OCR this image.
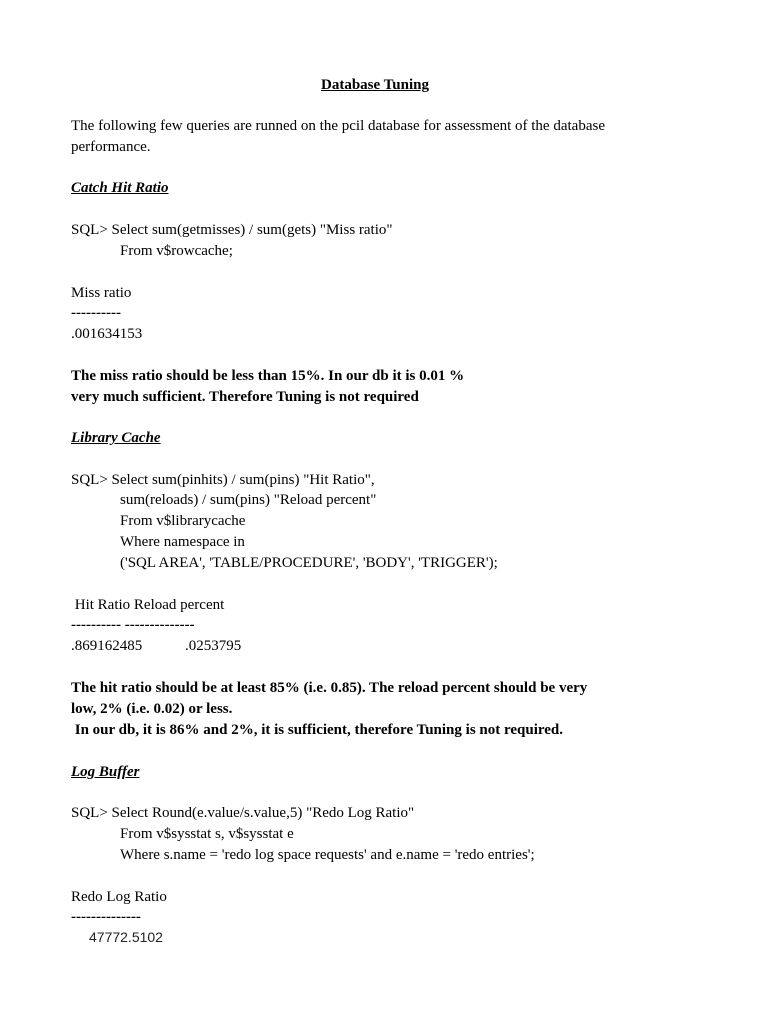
Database Tuning
The following few queries are runned on the pcil database for assessment of the database
performance.
Catch Hit Ratio
SQL> Select sum(getmisses) / sum(gets) "Miss ratio"
From v$rowcache;
Miss ratio
----------
.001634153
The miss ratio should be less than 15%. In our db it is 0.01 %
very much sufficient. Therefore Tuning is not required
Library Cache
SQL> Select sum(pinhits) / sum(pins) "Hit Ratio",
sum(reloads) / sum(pins) "Reload percent"
From v$librarycache
Where namespace in
('SQL AREA', 'TABLE/PROCEDURE', 'BODY', 'TRIGGER');
Hit Ratio Reload percent
---------- --------------
.869162485	.0253795
The hit ratio should be at least 85% (i.e. 0.85). The reload percent should be very
low, 2% (i.e. 0.02) or less.
In our db, it is 86% and 2%, it is sufficient, therefore Tuning is not required.
Log Buffer
SQL> Select Round(e.value/s.value,5) "Redo Log Ratio"
From v$sysstat s, v$sysstat e
Where s.name = 'redo log space requests' and e.name = 'redo entries';
Redo Log Ratio
--------------
47772.5102
